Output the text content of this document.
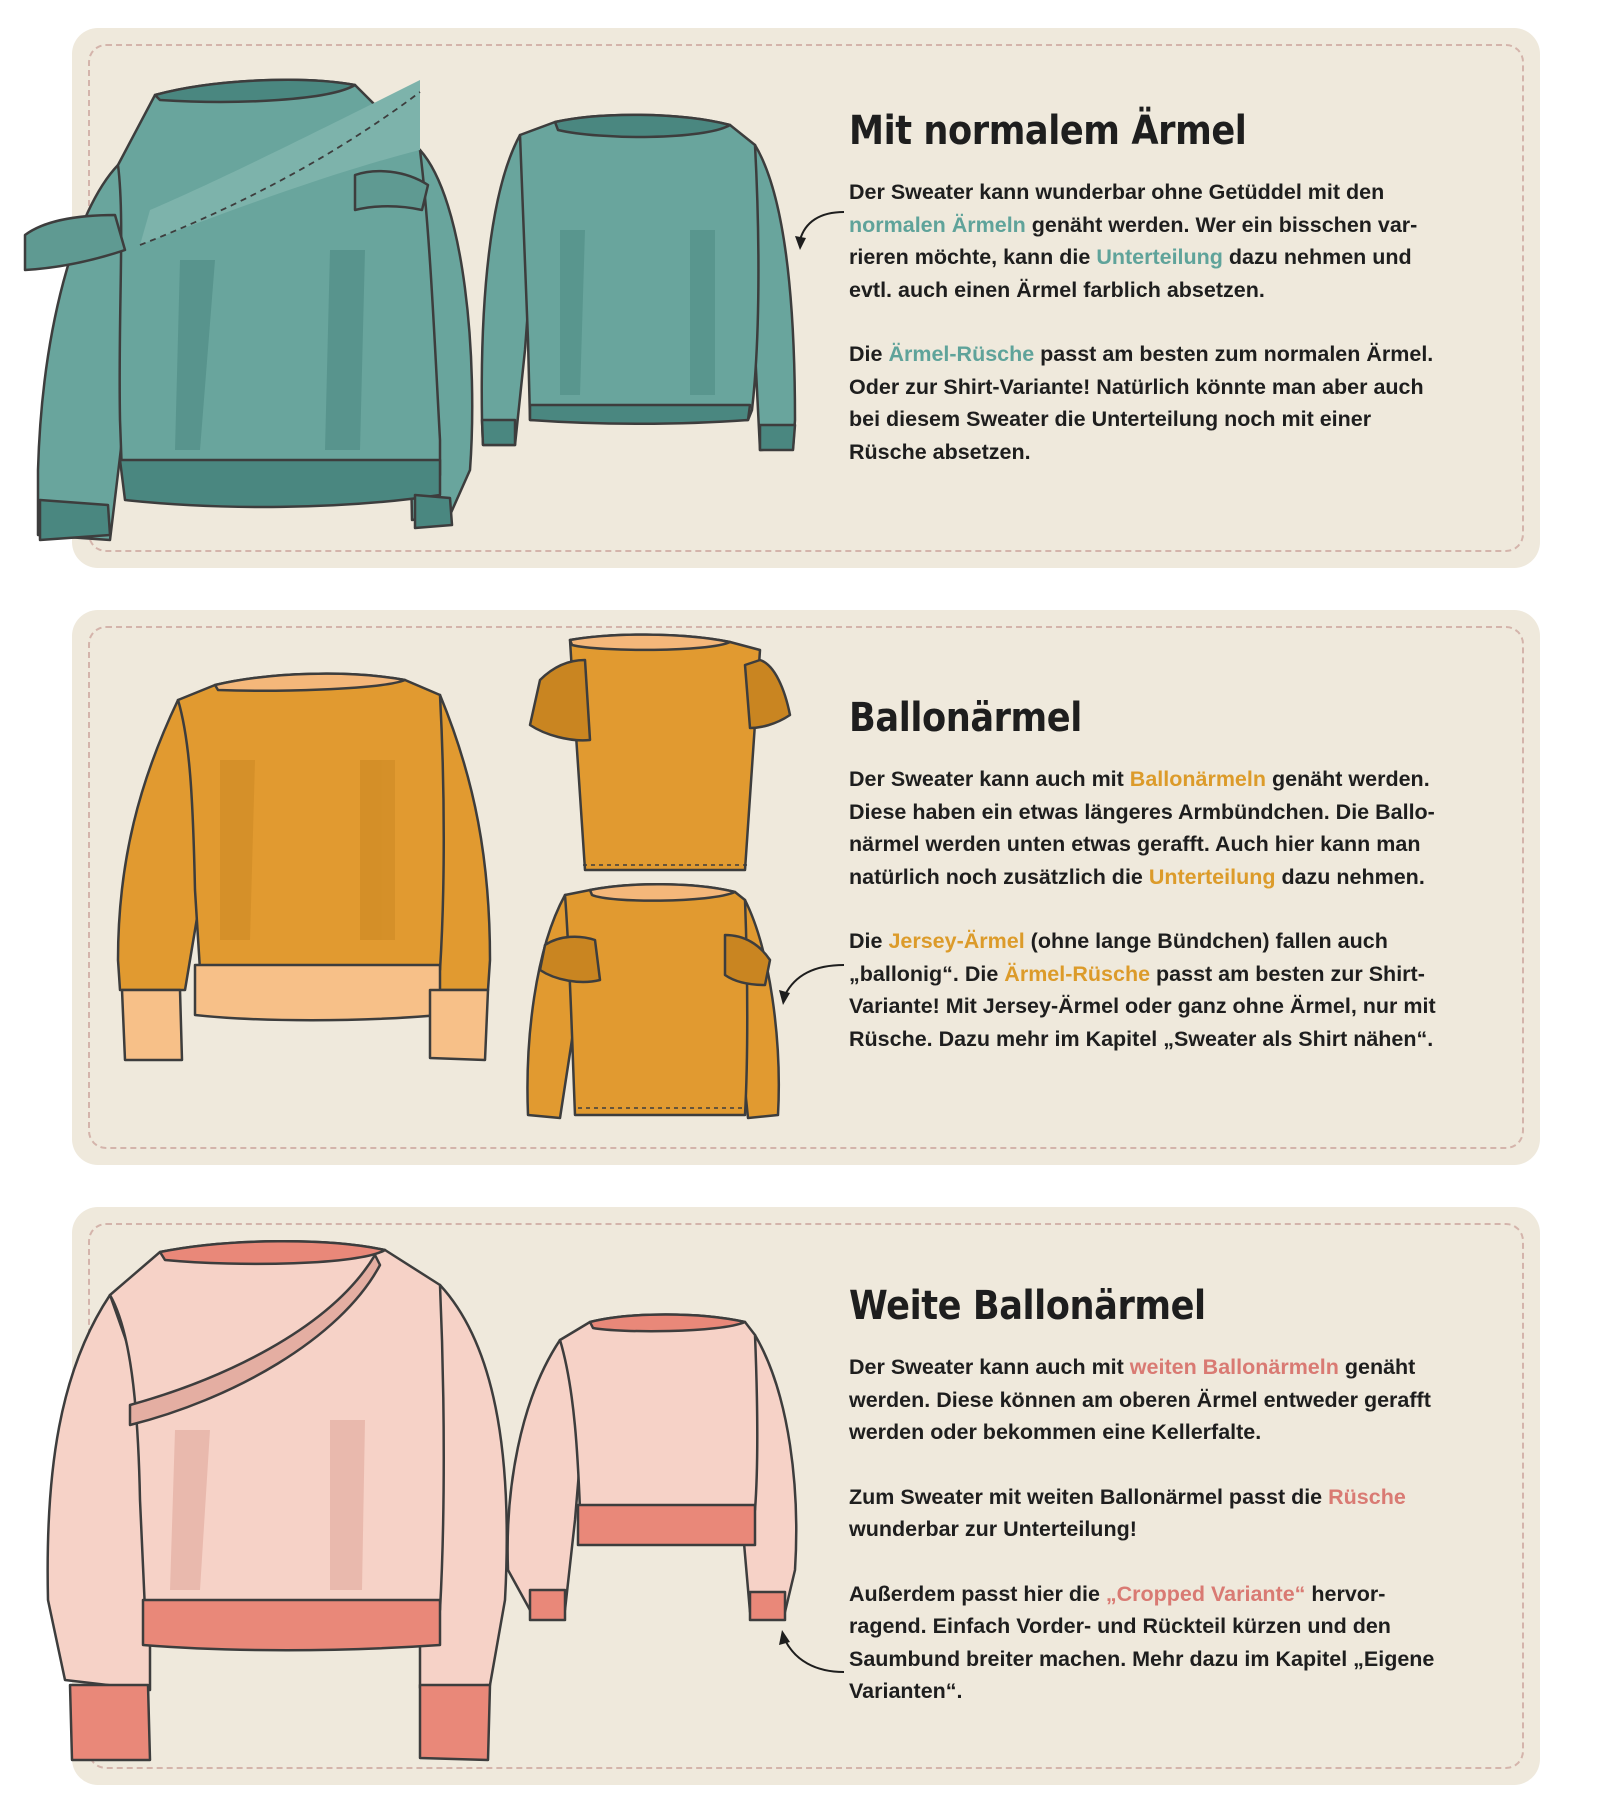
Mit normalem Ärmel
Der Sweater kann wunderbar ohne Getüddel mit den
normalen Ärmeln genäht werden. Wer ein bisschen var-
rieren möchte, kann die Unterteilung dazu nehmen und
evtl. auch einen Ärmel farblich absetzen.
Die Ärmel-Rüsche passt am besten zum normalen Ärmel.
Oder zur Shirt-Variante! Natürlich könnte man aber auch
bei diesem Sweater die Unterteilung noch mit einer
Rüsche absetzen.
Ballonärmel
Der Sweater kann auch mit Ballonärmeln genäht werden.
Diese haben ein etwas längeres Armbündchen. Die Ballo-
närmel werden unten etwas gerafft. Auch hier kann man
natürlich noch zusätzlich die Unterteilung dazu nehmen.
Die Jersey-Ärmel (ohne lange Bündchen) fallen auch
„ballonig“. Die Ärmel-Rüsche passt am besten zur Shirt-
Variante! Mit Jersey-Ärmel oder ganz ohne Ärmel, nur mit
Rüsche. Dazu mehr im Kapitel „Sweater als Shirt nähen“.
Weite Ballonärmel
Der Sweater kann auch mit weiten Ballonärmeln genäht
werden. Diese können am oberen Ärmel entweder gerafft
werden oder bekommen eine Kellerfalte.
Zum Sweater mit weiten Ballonärmel passt die Rüsche
wunderbar zur Unterteilung!
Außerdem passt hier die „Cropped Variante“ hervor-
ragend. Einfach Vorder- und Rückteil kürzen und den
Saumbund breiter machen. Mehr dazu im Kapitel „Eigene
Varianten“.
